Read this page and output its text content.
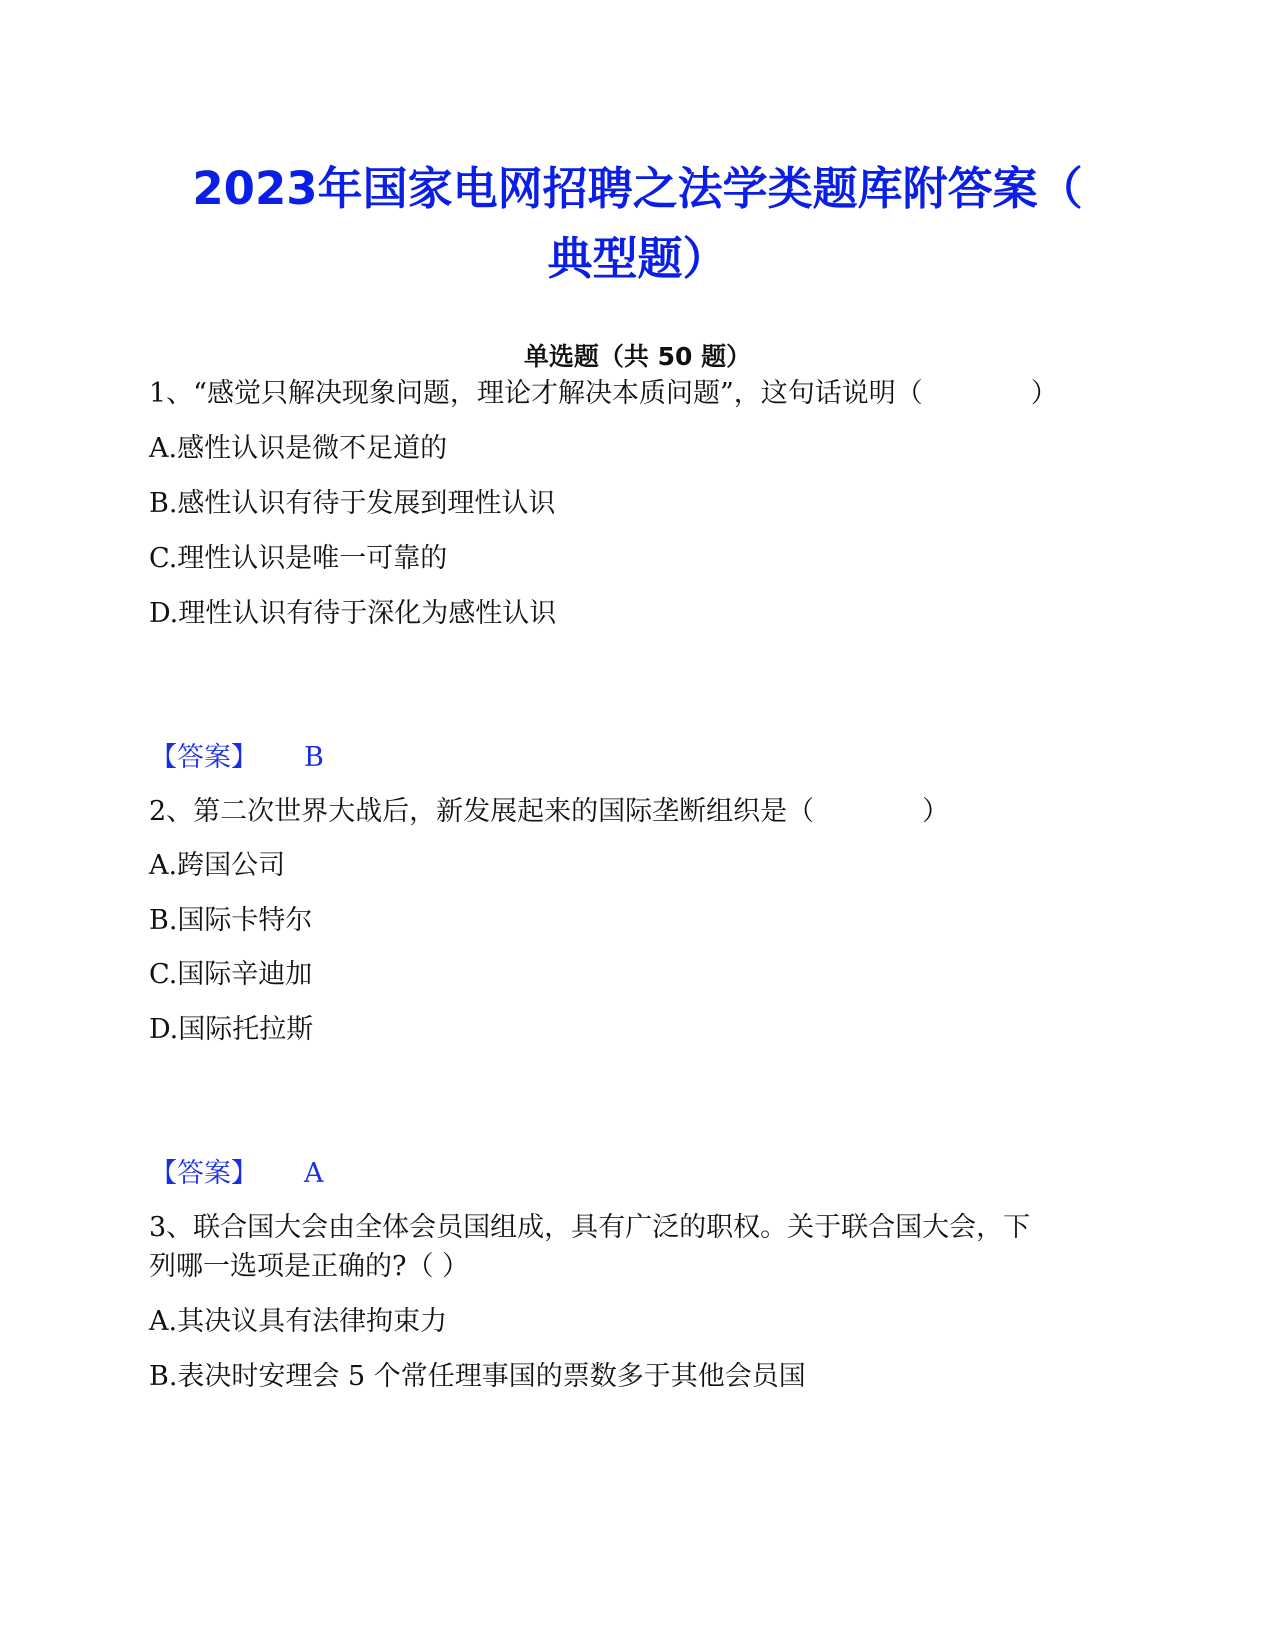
2023年国家电网招聘之法学类题库附答案（
典型题）
单选题（共 50 题）
1、“感觉只解决现象问题，理论才解决本质问题”，这句话说明（　　　　）
A.感性认识是微不足道的
B.感性认识有待于发展到理性认识
C.理性认识是唯一可靠的
D.理性认识有待于深化为感性认识
【答案】 B
2、第二次世界大战后，新发展起来的国际垄断组织是（　　　　）
A.跨国公司
B.国际卡特尔
C.国际辛迪加
D.国际托拉斯
【答案】 A
3、联合国大会由全体会员国组成，具有广泛的职权。关于联合国大会，下
列哪一选项是正确的?（ ）
A.其决议具有法律拘束力
B.表决时安理会 5 个常任理事国的票数多于其他会员国
